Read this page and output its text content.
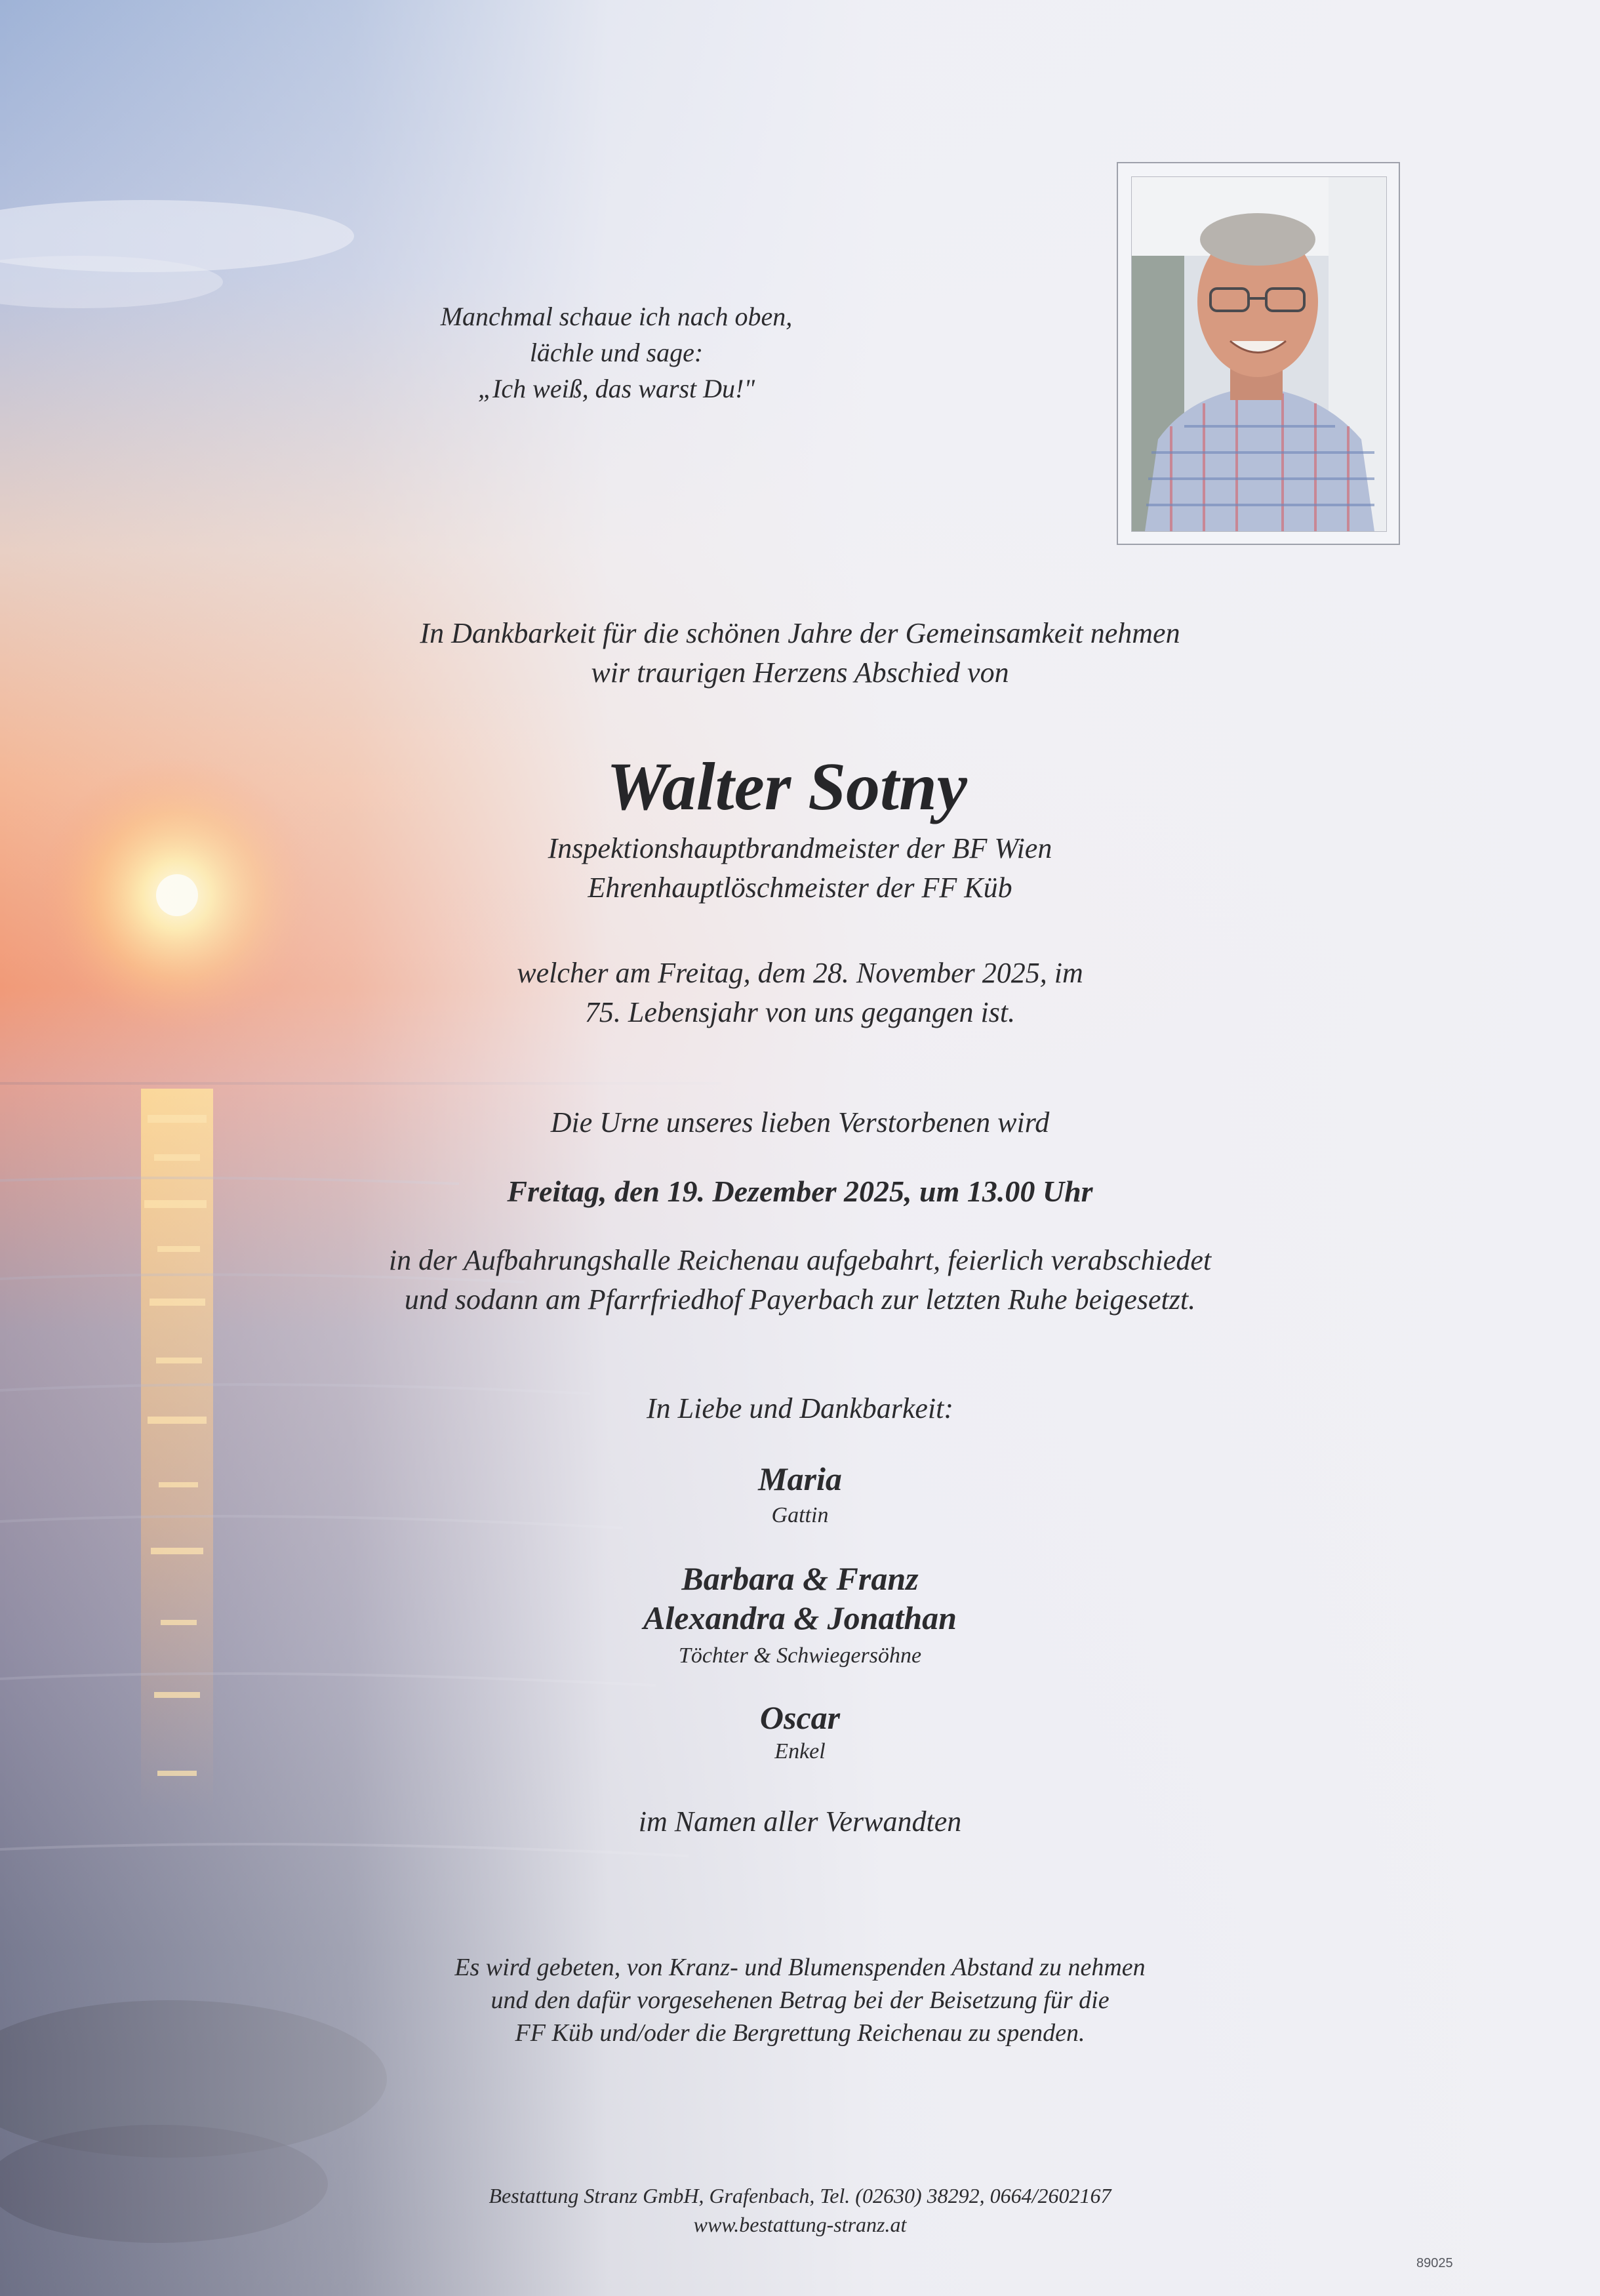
Manchmal schaue ich nach oben,
lächle und sage:
„Ich weiß, das warst Du!"
In Dankbarkeit für die schönen Jahre der Gemeinsamkeit nehmen
wir traurigen Herzens Abschied von
Walter Sotny
Inspektionshauptbrandmeister der BF Wien
Ehrenhauptlöschmeister der FF Küb
welcher am Freitag, dem 28. November 2025, im
75. Lebensjahr von uns gegangen ist.
Die Urne unseres lieben Verstorbenen wird
Freitag, den 19. Dezember 2025, um 13.00 Uhr
in der Aufbahrungshalle Reichenau aufgebahrt, feierlich verabschiedet
und sodann am Pfarrfriedhof Payerbach zur letzten Ruhe beigesetzt.
In Liebe und Dankbarkeit:
Maria
Gattin
Barbara & Franz
Alexandra & Jonathan
Töchter & Schwiegersöhne
Oscar
Enkel
im Namen aller Verwandten
Es wird gebeten, von Kranz- und Blumenspenden Abstand zu nehmen
und den dafür vorgesehenen Betrag bei der Beisetzung für die
FF Küb und/oder die Bergrettung Reichenau zu spenden.
Bestattung Stranz GmbH, Grafenbach, Tel. (02630) 38292, 0664/2602167
www.bestattung-stranz.at
89025
